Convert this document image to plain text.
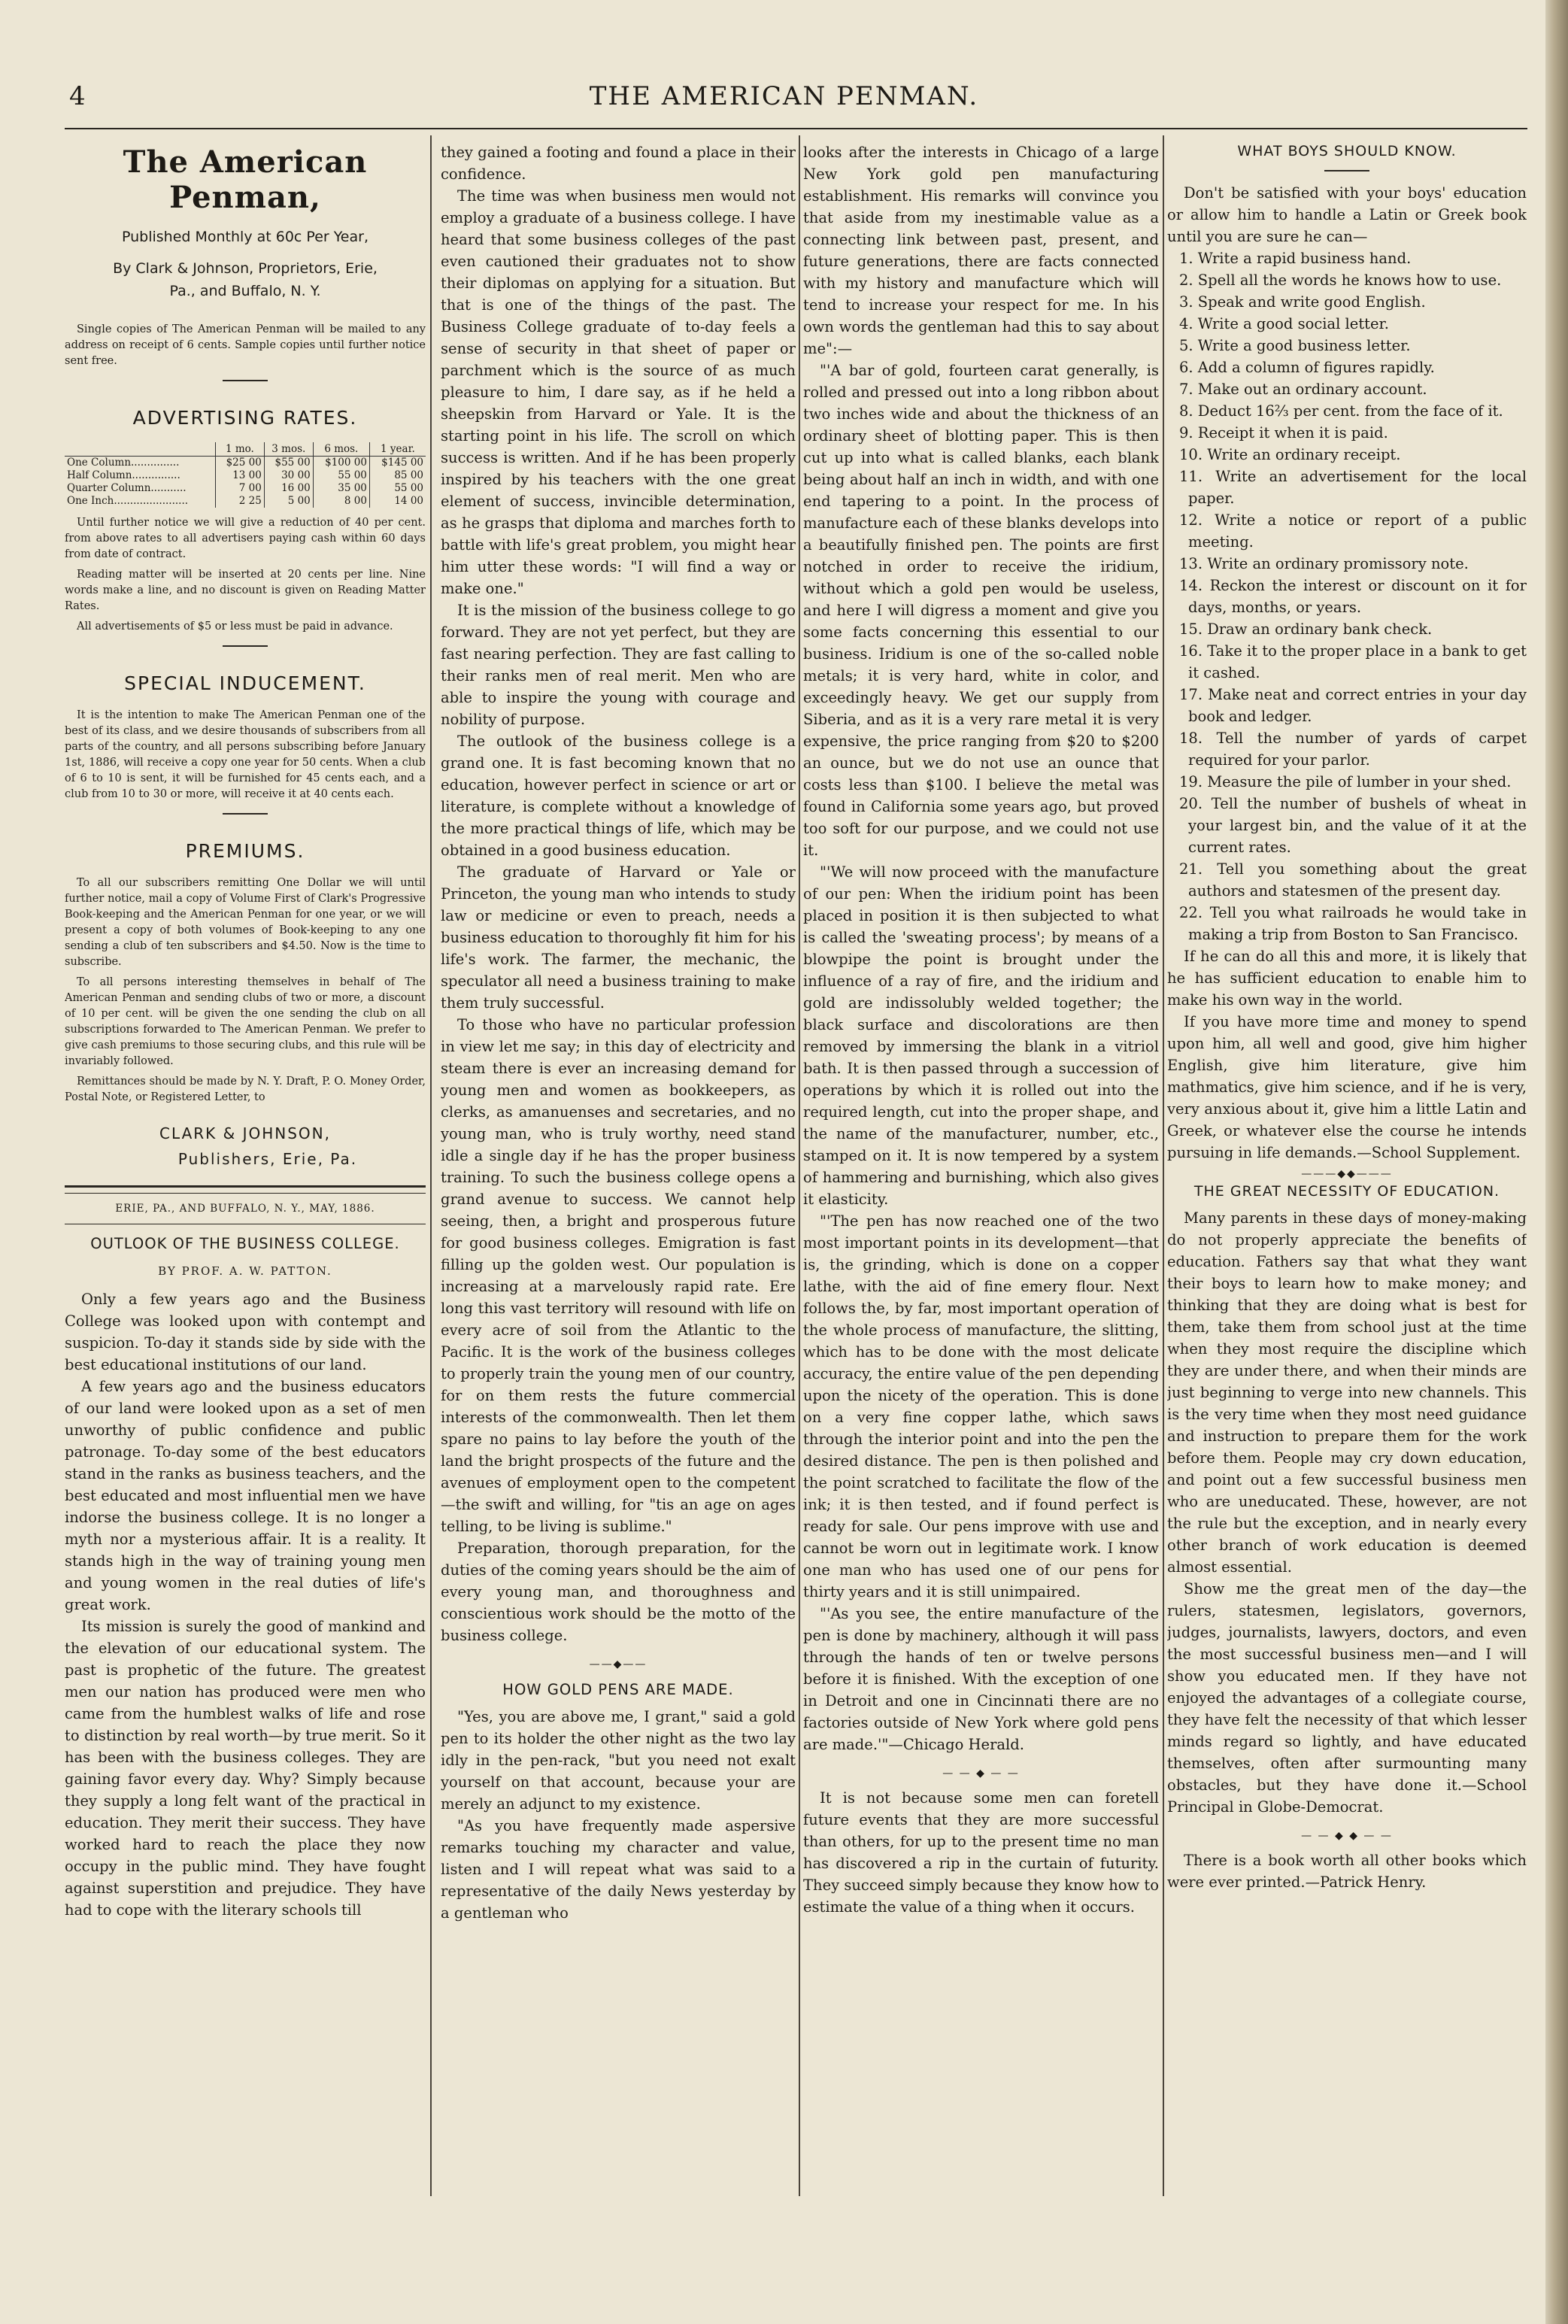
4	THE AMERICAN PENMAN.
The American Penman,
Published Monthly at 60c Per Year,
By Clark & Johnson, Proprietors, Erie,
Pa., and Buffalo, N. Y.

Single copies of The American Penman will be mailed to any address on receipt of 6 cents. Sample copies until further notice sent free.

ADVERTISING RATES.
	1 mo.	3 mos.	6 mos.	1 year.
One Column...............	$25 00	$55 00	$100 00	$145 00
Half Column...............	13 00	30 00	55 00	85 00
Quarter Column...........	7 00	16 00	35 00	55 00
One Inch.......................	2 25	5 00	8 00	14 00

Until further notice we will give a reduction of 40 per cent. from above rates to all advertisers paying cash within 60 days from date of contract.

Reading matter will be inserted at 20 cents per line. Nine words make a line, and no discount is given on Reading Matter Rates.

All advertisements of $5 or less must be paid in advance.

SPECIAL INDUCEMENT.

It is the intention to make The American Penman one of the best of its class, and we desire thousands of subscribers from all parts of the country, and all persons subscribing before January 1st, 1886, will receive a copy one year for 50 cents. When a club of 6 to 10 is sent, it will be furnished for 45 cents each, and a club from 10 to 30 or more, will receive it at 40 cents each.

PREMIUMS.

To all our subscribers remitting One Dollar we will until further notice, mail a copy of Volume First of Clark's Progressive Book-keeping and the American Penman for one year, or we will present a copy of both volumes of Book-keeping to any one sending a club of ten subscribers and $4.50. Now is the time to subscribe.

To all persons interesting themselves in behalf of The American Penman and sending clubs of two or more, a discount of 10 per cent. will be given the one sending the club on all subscriptions forwarded to The American Penman. We prefer to give cash premiums to those securing clubs, and this rule will be invariably followed.

Remittances should be made by N. Y. Draft, P. O. Money Order, Postal Note, or Registered Letter, to

CLARK & JOHNSON,
Publishers, Erie, Pa.
ERIE, PA., AND BUFFALO, N. Y., MAY, 1886.
OUTLOOK OF THE BUSINESS COLLEGE.
BY PROF. A. W. PATTON.

Only a few years ago and the Business College was looked upon with contempt and suspicion. To-day it stands side by side with the best educational institutions of our land.

A few years ago and the business educators of our land were looked upon as a set of men unworthy of public confidence and public patronage. To-day some of the best educators stand in the ranks as business teachers, and the best educated and most influential men we have indorse the business college. It is no longer a myth nor a mysterious affair. It is a reality. It stands high in the way of training young men and young women in the real duties of life's great work.

Its mission is surely the good of mankind and the elevation of our educational system. The past is prophetic of the future. The greatest men our nation has produced were men who came from the humblest walks of life and rose to distinction by real worth—by true merit. So it has been with the business colleges. They are gaining favor every day. Why? Simply because they supply a long felt want of the practical in education. They merit their success. They have worked hard to reach the place they now occupy in the public mind. They have fought against superstition and prejudice. They have had to cope with the literary schools till

they gained a footing and found a place in their confidence.

The time was when business men would not employ a graduate of a business college. I have heard that some business colleges of the past even cautioned their graduates not to show their diplomas on applying for a situation. But that is one of the things of the past. The Business College graduate of to-day feels a sense of security in that sheet of paper or parchment which is the source of as much pleasure to him, I dare say, as if he held a sheepskin from Harvard or Yale. It is the starting point in his life. The scroll on which success is written. And if he has been properly inspired by his teachers with the one great element of success, invincible determination, as he grasps that diploma and marches forth to battle with life's great problem, you might hear him utter these words: "I will find a way or make one."

It is the mission of the business college to go forward. They are not yet perfect, but they are fast nearing perfection. They are fast calling to their ranks men of real merit. Men who are able to inspire the young with courage and nobility of purpose.

The outlook of the business college is a grand one. It is fast becoming known that no education, however perfect in science or art or literature, is complete without a knowledge of the more practical things of life, which may be obtained in a good business education.

The graduate of Harvard or Yale or Princeton, the young man who intends to study law or medicine or even to preach, needs a business education to thoroughly fit him for his life's work. The farmer, the mechanic, the speculator all need a business training to make them truly successful.

To those who have no particular profession in view let me say; in this day of electricity and steam there is ever an increasing demand for young men and women as bookkeepers, as clerks, as amanuenses and secretaries, and no young man, who is truly worthy, need stand idle a single day if he has the proper business training. To such the business college opens a grand avenue to success. We cannot help seeing, then, a bright and prosperous future for good business colleges. Emigration is fast filling up the golden west. Our population is increasing at a marvelously rapid rate. Ere long this vast territory will resound with life on every acre of soil from the Atlantic to the Pacific. It is the work of the business colleges to properly train the young men of our country, for on them rests the future commercial interests of the commonwealth. Then let them spare no pains to lay before the youth of the land the bright prospects of the future and the avenues of employment open to the competent—the swift and willing, for "tis an age on ages telling, to be living is sublime."

Preparation, thorough preparation, for the duties of the coming years should be the aim of every young man, and thoroughness and conscientious work should be the motto of the business college.

——◆——
HOW GOLD PENS ARE MADE.

"Yes, you are above me, I grant," said a gold pen to its holder the other night as the two lay idly in the pen-rack, "but you need not exalt yourself on that account, because your are merely an adjunct to my existence.

"As you have frequently made aspersive remarks touching my character and value, listen and I will repeat what was said to a representative of the daily News yesterday by a gentleman who

looks after the interests in Chicago of a large New York gold pen manufacturing establishment. His remarks will convince you that aside from my inestimable value as a connecting link between past, present, and future generations, there are facts connected with my history and manufacture which will tend to increase your respect for me. In his own words the gentleman had this to say about me":—

"'A bar of gold, fourteen carat generally, is rolled and pressed out into a long ribbon about two inches wide and about the thickness of an ordinary sheet of blotting paper. This is then cut up into what is called blanks, each blank being about half an inch in width, and with one end tapering to a point. In the process of manufacture each of these blanks develops into a beautifully finished pen. The points are first notched in order to receive the iridium, without which a gold pen would be useless, and here I will digress a moment and give you some facts concerning this essential to our business. Iridium is one of the so-called noble metals; it is very hard, white in color, and exceedingly heavy. We get our supply from Siberia, and as it is a very rare metal it is very expensive, the price ranging from $20 to $200 an ounce, but we do not use an ounce that costs less than $100. I believe the metal was found in California some years ago, but proved too soft for our purpose, and we could not use it.

"'We will now proceed with the manufacture of our pen: When the iridium point has been placed in position it is then subjected to what is called the 'sweating process'; by means of a blowpipe the point is brought under the influence of a ray of fire, and the iridium and gold are indissolubly welded together; the black surface and discolorations are then removed by immersing the blank in a vitriol bath. It is then passed through a succession of operations by which it is rolled out into the required length, cut into the proper shape, and the name of the manufacturer, number, etc., stamped on it. It is now tempered by a system of hammering and burnishing, which also gives it elasticity.

"'The pen has now reached one of the two most important points in its development—that is, the grinding, which is done on a copper lathe, with the aid of fine emery flour. Next follows the, by far, most important operation of the whole process of manufacture, the slitting, which has to be done with the most delicate accuracy, the entire value of the pen depending upon the nicety of the operation. This is done on a very fine copper lathe, which saws through the interior point and into the pen the desired distance. The pen is then polished and the point scratched to facilitate the flow of the ink; it is then tested, and if found perfect is ready for sale. Our pens improve with use and cannot be worn out in legitimate work. I know one man who has used one of our pens for thirty years and it is still unimpaired.

"'As you see, the entire manufacture of the pen is done by machinery, although it will pass through the hands of ten or twelve persons before it is finished. With the exception of one in Detroit and one in Cincinnati there are no factories outside of New York where gold pens are made.'"—Chicago Herald.

— — ◆ — —

It is not because some men can foretell future events that they are more successful than others, for up to the present time no man has discovered a rip in the curtain of futurity. They succeed simply because they know how to estimate the value of a thing when it occurs.

WHAT BOYS SHOULD KNOW.

Don't be satisfied with your boys' education or allow him to handle a Latin or Greek book until you are sure he can—

1. Write a rapid business hand.

2. Spell all the words he knows how to use.

3. Speak and write good English.

4. Write a good social letter.

5. Write a good business letter.

6. Add a column of figures rapidly.

7. Make out an ordinary account.

8. Deduct 16⅔ per cent. from the face of it.

9. Receipt it when it is paid.

10. Write an ordinary receipt.

11. Write an advertisement for the local paper.

12. Write a notice or report of a public meeting.

13. Write an ordinary promissory note.

14. Reckon the interest or discount on it for days, months, or years.

15. Draw an ordinary bank check.

16. Take it to the proper place in a bank to get it cashed.

17. Make neat and correct entries in your day book and ledger.

18. Tell the number of yards of carpet required for your parlor.

19. Measure the pile of lumber in your shed.

20. Tell the number of bushels of wheat in your largest bin, and the value of it at the current rates.

21. Tell you something about the great authors and statesmen of the present day.

22. Tell you what railroads he would take in making a trip from Boston to San Francisco.

If he can do all this and more, it is likely that he has sufficient education to enable him to make his own way in the world.

If you have more time and money to spend upon him, all well and good, give him higher English, give him literature, give him mathmatics, give him science, and if he is very, very anxious about it, give him a little Latin and Greek, or whatever else the course he intends pursuing in life demands.—School Supplement.

———◆◆———
THE GREAT NECESSITY OF EDUCATION.

Many parents in these days of money-making do not properly appreciate the benefits of education. Fathers say that what they want their boys to learn how to make money; and thinking that they are doing what is best for them, take them from school just at the time when they most require the discipline which they are under there, and when their minds are just beginning to verge into new channels. This is the very time when they most need guidance and instruction to prepare them for the work before them. People may cry down education, and point out a few successful business men who are uneducated. These, however, are not the rule but the exception, and in nearly every other branch of work education is deemed almost essential.

Show me the great men of the day—the rulers, statesmen, legislators, governors, judges, journalists, lawyers, doctors, and even the most successful business men—and I will show you educated men. If they have not enjoyed the advantages of a collegiate course, they have felt the necessity of that which lesser minds regard so lightly, and have educated themselves, often after surmounting many obstacles, but they have done it.—School Principal in Globe-Democrat.

— — ◆ ◆ — —

There is a book worth all other books which were ever printed.—Patrick Henry.
